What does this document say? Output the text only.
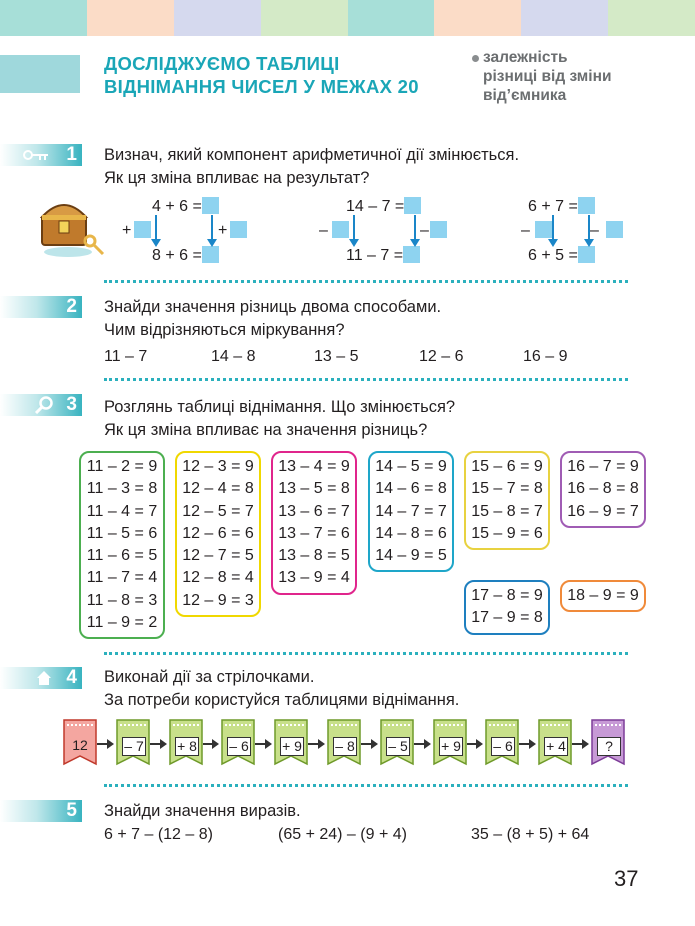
ДОСЛІДЖУЄМО ТАБЛИЦІ
ВІДНІМАННЯ ЧИСЕЛ У МЕЖАХ 20
залежність
різниці від зміни
від’ємника
1 Визнач, який компонент арифметичної дії змінюється.
Як ця зміна впливає на результат?
4 + 6 =
8 + 6 =
+	+
14 – 7 =
11 – 7 =
–	–
6 + 7 =
6 + 5 =
–	–
2 Знайди значення різниць двома способами.
Чим відрізняються міркування?
11 – 7	14 – 8	13 – 5	12 – 6	16 – 9
3 Розглянь таблиці віднімання. Що змінюється?
Як ця зміна впливає на значення різниць?
11 – 2 = 9
11 – 3 = 8
11 – 4 = 7
11 – 5 = 6
11 – 6 = 5
11 – 7 = 4
11 – 8 = 3
11 – 9 = 2
12 – 3 = 9
12 – 4 = 8
12 – 5 = 7
12 – 6 = 6
12 – 7 = 5
12 – 8 = 4
12 – 9 = 3
13 – 4 = 9
13 – 5 = 8
13 – 6 = 7
13 – 7 = 6
13 – 8 = 5
13 – 9 = 4
14 – 5 = 9
14 – 6 = 8
14 – 7 = 7
14 – 8 = 6
14 – 9 = 5
15 – 6 = 9
15 – 7 = 8
15 – 8 = 7
15 – 9 = 6
16 – 7 = 9
16 – 8 = 8
16 – 9 = 7
17 – 8 = 9
17 – 9 = 8
18 – 9 = 9
4 Виконай дії за стрілочками.
За потреби користуйся таблицями віднімання.
12	– 7 + 8 – 6 + 9 – 8 – 5 + 9 – 6 + 4	?
5 Знайди значення виразів.
6 + 7 – (12 – 8)	(65 + 24) – (9 + 4)	35 – (8 + 5) + 64
37
